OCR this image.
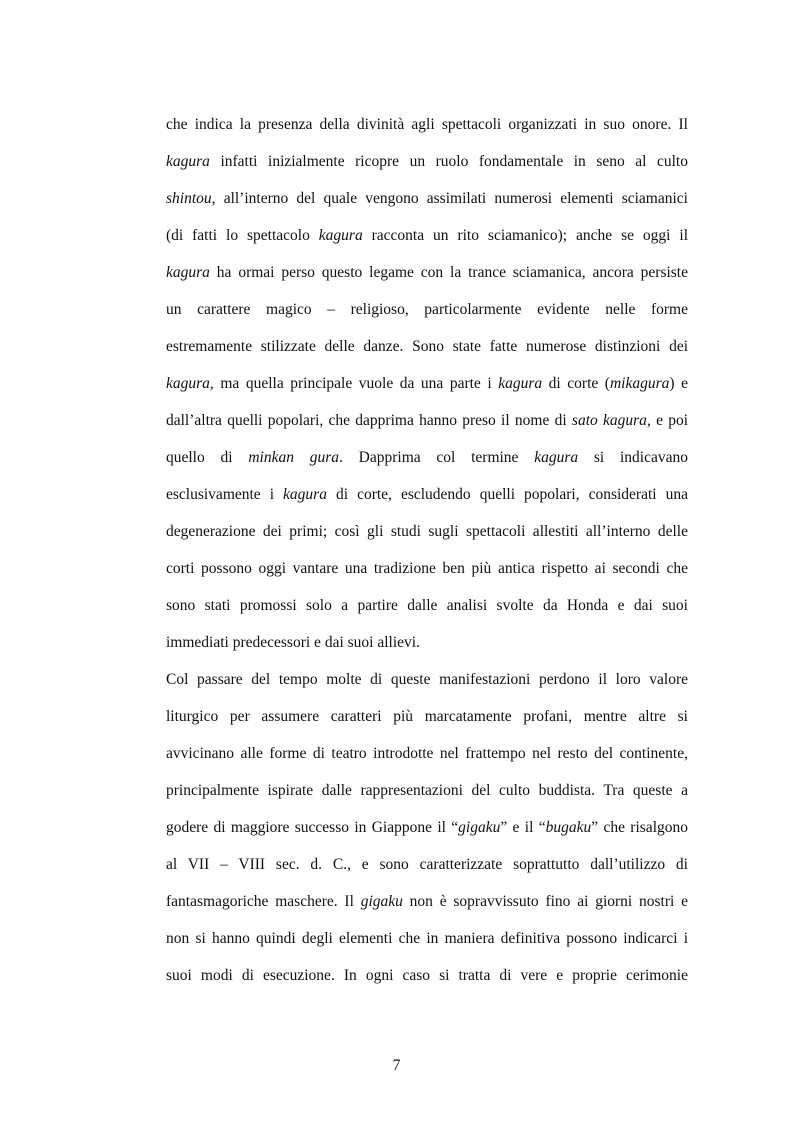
che indica la presenza della divinità agli spettacoli organizzati in suo onore. Il
kagura infatti inizialmente ricopre un ruolo fondamentale in seno al culto
shintou, all’interno del quale vengono assimilati numerosi elementi sciamanici
(di fatti lo spettacolo kagura racconta un rito sciamanico); anche se oggi il
kagura ha ormai perso questo legame con la trance sciamanica, ancora persiste
un carattere magico – religioso, particolarmente evidente nelle forme
estremamente stilizzate delle danze. Sono state fatte numerose distinzioni dei
kagura, ma quella principale vuole da una parte i kagura di corte (mikagura) e
dall’altra quelli popolari, che dapprima hanno preso il nome di sato kagura, e poi
quello di minkan gura. Dapprima col termine kagura si indicavano
esclusivamente i kagura di corte, escludendo quelli popolari, considerati una
degenerazione dei primi; così gli studi sugli spettacoli allestiti all’interno delle
corti possono oggi vantare una tradizione ben più antica rispetto ai secondi che
sono stati promossi solo a partire dalle analisi svolte da Honda e dai suoi
immediati predecessori e dai suoi allievi.
Col passare del tempo molte di queste manifestazioni perdono il loro valore
liturgico per assumere caratteri più marcatamente profani, mentre altre si
avvicinano alle forme di teatro introdotte nel frattempo nel resto del continente,
principalmente ispirate dalle rappresentazioni del culto buddista. Tra queste a
godere di maggiore successo in Giappone il “gigaku” e il “bugaku” che risalgono
al VII – VIII sec. d. C., e sono caratterizzate soprattutto dall’utilizzo di
fantasmagoriche maschere. Il gigaku non è sopravvissuto fino ai giorni nostri e
non si hanno quindi degli elementi che in maniera definitiva possono indicarci i
suoi modi di esecuzione. In ogni caso si tratta di vere e proprie cerimonie
7
